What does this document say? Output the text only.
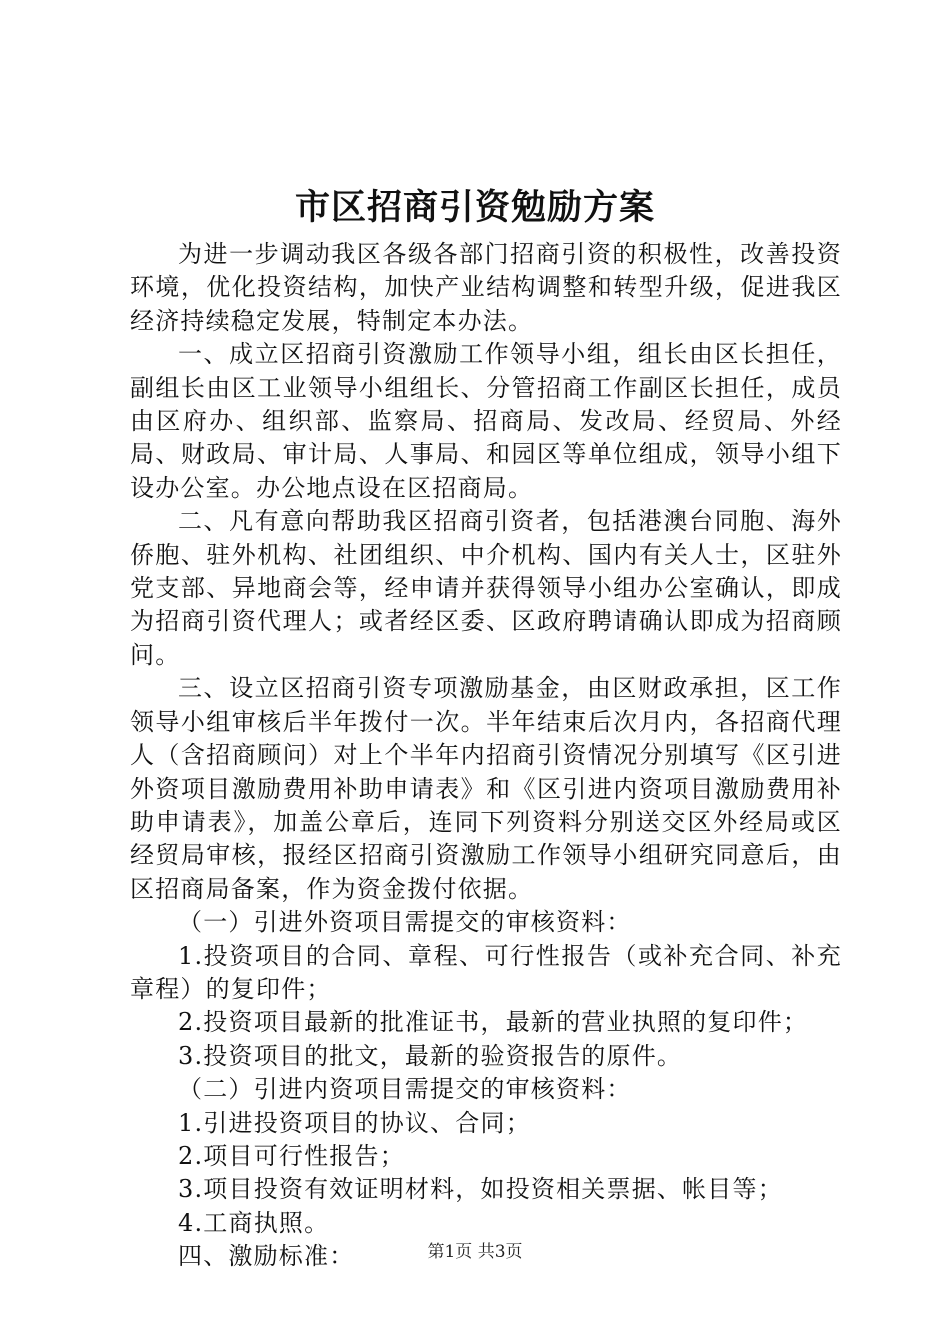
市区招商引资勉励方案

为进一步调动我区各级各部门招商引资的积极性，改善投资环境，优化投资结构，加快产业结构调整和转型升级，促进我区经济持续稳定发展，特制定本办法。

一、成立区招商引资激励工作领导小组，组长由区长担任，副组长由区工业领导小组组长、分管招商工作副区长担任，成员由区府办、组织部、监察局、招商局、发改局、经贸局、外经局、财政局、审计局、人事局、和园区等单位组成，领导小组下设办公室。办公地点设在区招商局。

二、凡有意向帮助我区招商引资者，包括港澳台同胞、海外侨胞、驻外机构、社团组织、中介机构、国内有关人士，区驻外党支部、异地商会等，经申请并获得领导小组办公室确认，即成为招商引资代理人；或者经区委、区政府聘请确认即成为招商顾问。

三、设立区招商引资专项激励基金，由区财政承担，区工作领导小组审核后半年拨付一次。半年结束后次月内，各招商代理人（含招商顾问）对上个半年内招商引资情况分别填写《区引进外资项目激励费用补助申请表》和《区引进内资项目激励费用补助申请表》，加盖公章后，连同下列资料分别送交区外经局或区经贸局审核，报经区招商引资激励工作领导小组研究同意后，由区招商局备案，作为资金拨付依据。

（一）引进外资项目需提交的审核资料：

1.投资项目的合同、章程、可行性报告（或补充合同、补充章程）的复印件；

2.投资项目最新的批准证书，最新的营业执照的复印件；

3.投资项目的批文，最新的验资报告的原件。

（二）引进内资项目需提交的审核资料：

1.引进投资项目的协议、合同；

2.项目可行性报告；

3.项目投资有效证明材料，如投资相关票据、帐目等；

4.工商执照。

四、激励标准：	第1页 共3页
